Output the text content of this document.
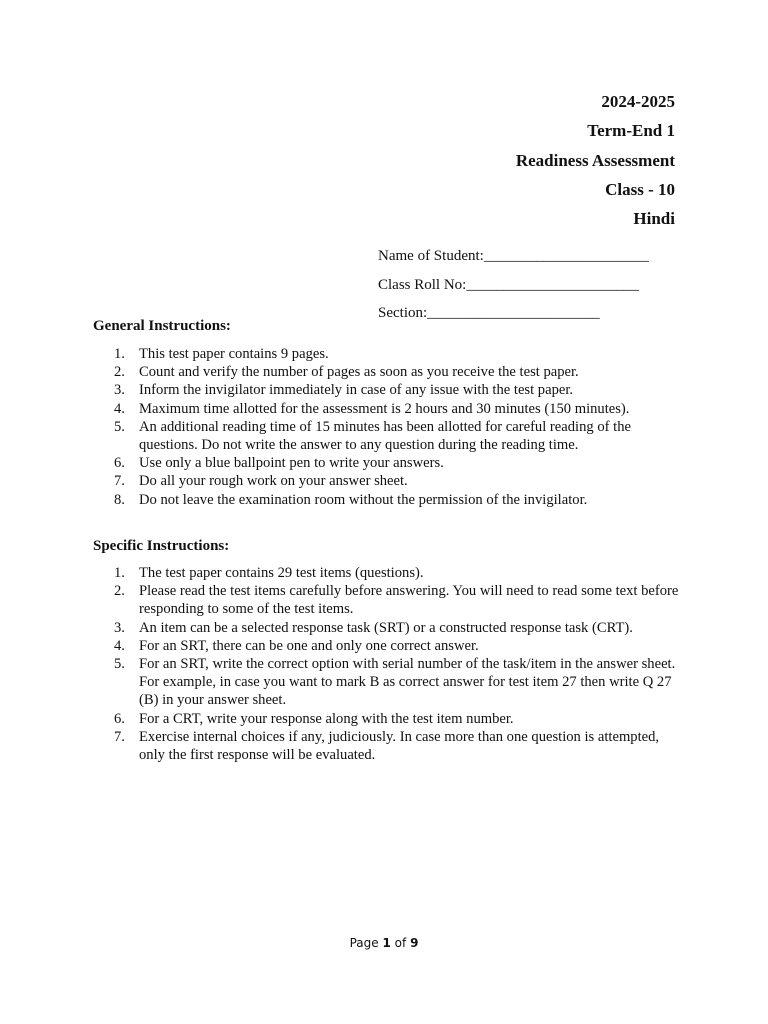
2024-2025
Term-End 1
Readiness Assessment
Class - 10
Hindi
Name of Student:______________________
Class Roll No:_______________________
Section:_______________________
General Instructions:
1. This test paper contains 9 pages.
2. Count and verify the number of pages as soon as you receive the test paper.
3. Inform the invigilator immediately in case of any issue with the test paper.
4. Maximum time allotted for the assessment is 2 hours and 30 minutes (150 minutes).
5. An additional reading time of 15 minutes has been allotted for careful reading of the questions. Do not write the answer to any question during the reading time.
6. Use only a blue ballpoint pen to write your answers.
7. Do all your rough work on your answer sheet.
8. Do not leave the examination room without the permission of the invigilator.
Specific Instructions:
1. The test paper contains 29 test items (questions).
2. Please read the test items carefully before answering. You will need to read some text before responding to some of the test items.
3. An item can be a selected response task (SRT) or a constructed response task (CRT).
4. For an SRT, there can be one and only one correct answer.
5. For an SRT, write the correct option with serial number of the task/item in the answer sheet. For example, in case you want to mark B as correct answer for test item 27 then write Q 27 (B) in your answer sheet.
6. For a CRT, write your response along with the test item number.
7. Exercise internal choices if any, judiciously. In case more than one question is attempted, only the first response will be evaluated.
Page 1 of 9
